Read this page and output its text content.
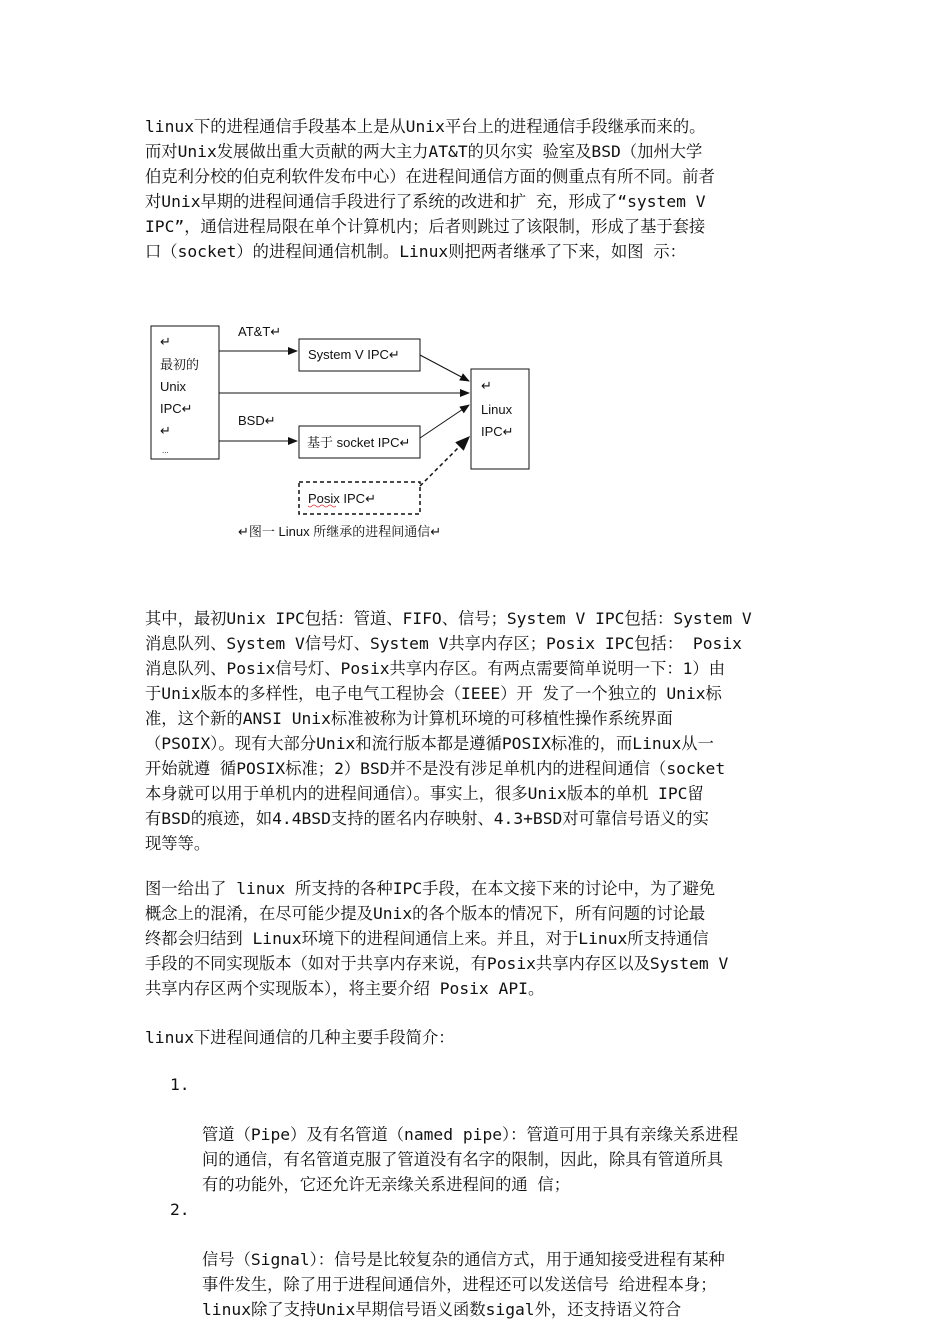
linux下的进程通信手段基本上是从Unix平台上的进程通信手段继承而来的。
而对Unix发展做出重大贡献的两大主力AT&T的贝尔实 验室及BSD（加州大学
伯克利分校的伯克利软件发布中心）在进程间通信方面的侧重点有所不同。前者
对Unix早期的进程间通信手段进行了系统的改进和扩 充，形成了“system V
IPC”，通信进程局限在单个计算机内；后者则跳过了该限制，形成了基于套接
口（socket）的进程间通信机制。Linux则把两者继承了下来，如图 示：

↵
最初的
Unix
IPC↵
↵
...
AT&T↵
System V IPC↵
BSD↵
基于 socket IPC↵
Posix IPC↵
↵
Linux
IPC↵
↵图一 Linux 所继承的进程间通信↵

其中，最初Unix IPC包括：管道、FIFO、信号；System V IPC包括：System V
消息队列、System V信号灯、System V共享内存区；Posix IPC包括： Posix
消息队列、Posix信号灯、Posix共享内存区。有两点需要简单说明一下：1）由
于Unix版本的多样性，电子电气工程协会（IEEE）开 发了一个独立的 Unix标
准，这个新的ANSI Unix标准被称为计算机环境的可移植性操作系统界面
（PSOIX）。现有大部分Unix和流行版本都是遵循POSIX标准的，而Linux从一
开始就遵 循POSIX标准；2）BSD并不是没有涉足单机内的进程间通信（socket
本身就可以用于单机内的进程间通信）。事实上，很多Unix版本的单机 IPC留
有BSD的痕迹，如4.4BSD支持的匿名内存映射、4.3+BSD对可靠信号语义的实
现等等。

图一给出了 linux 所支持的各种IPC手段，在本文接下来的讨论中，为了避免
概念上的混淆，在尽可能少提及Unix的各个版本的情况下，所有问题的讨论最
终都会归结到 Linux环境下的进程间通信上来。并且，对于Linux所支持通信
手段的不同实现版本（如对于共享内存来说，有Posix共享内存区以及System V
共享内存区两个实现版本），将主要介绍 Posix API。

linux下进程间通信的几种主要手段简介：

1.

管道（Pipe）及有名管道（named pipe）：管道可用于具有亲缘关系进程
间的通信，有名管道克服了管道没有名字的限制，因此，除具有管道所具
有的功能外，它还允许无亲缘关系进程间的通 信；

2.

信号（Signal）：信号是比较复杂的通信方式，用于通知接受进程有某种
事件发生，除了用于进程间通信外，进程还可以发送信号 给进程本身；
linux除了支持Unix早期信号语义函数sigal外，还支持语义符合
